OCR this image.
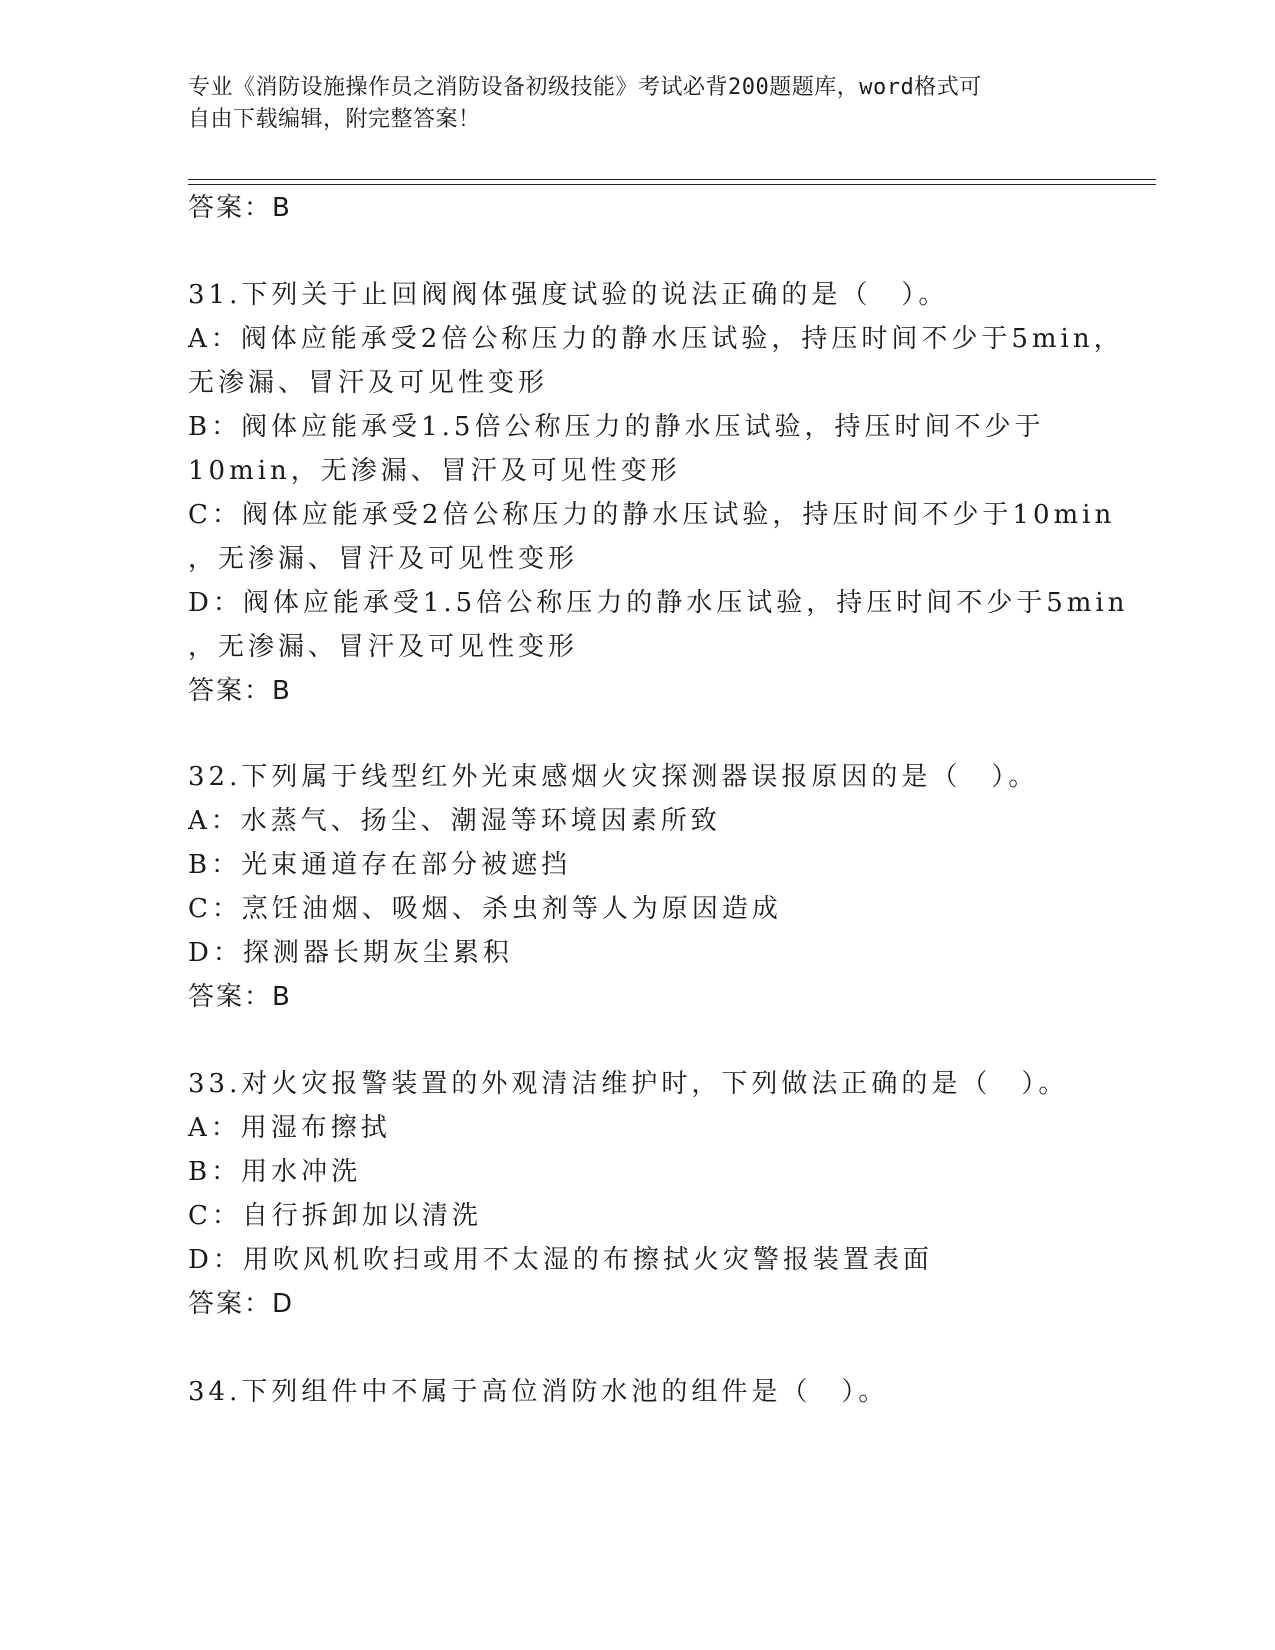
专业《消防设施操作员之消防设备初级技能》考试必背200题题库，word格式可
自由下载编辑，附完整答案！
答案：B
31.下列关于止回阀阀体强度试验的说法正确的是（　）。
A：阀体应能承受2倍公称压力的静水压试验，持压时间不少于5min，
无渗漏、冒汗及可见性变形
B：阀体应能承受1.5倍公称压力的静水压试验，持压时间不少于
10min，无渗漏、冒汗及可见性变形
C：阀体应能承受2倍公称压力的静水压试验，持压时间不少于10min
，无渗漏、冒汗及可见性变形
D：阀体应能承受1.5倍公称压力的静水压试验，持压时间不少于5min
，无渗漏、冒汗及可见性变形
答案：B
32.下列属于线型红外光束感烟火灾探测器误报原因的是（　）。
A：水蒸气、扬尘、潮湿等环境因素所致
B：光束通道存在部分被遮挡
C：烹饪油烟、吸烟、杀虫剂等人为原因造成
D：探测器长期灰尘累积
答案：B
33.对火灾报警装置的外观清洁维护时，下列做法正确的是（　）。
A：用湿布擦拭
B：用水冲洗
C：自行拆卸加以清洗
D：用吹风机吹扫或用不太湿的布擦拭火灾警报装置表面
答案：D
34.下列组件中不属于高位消防水池的组件是（　）。
